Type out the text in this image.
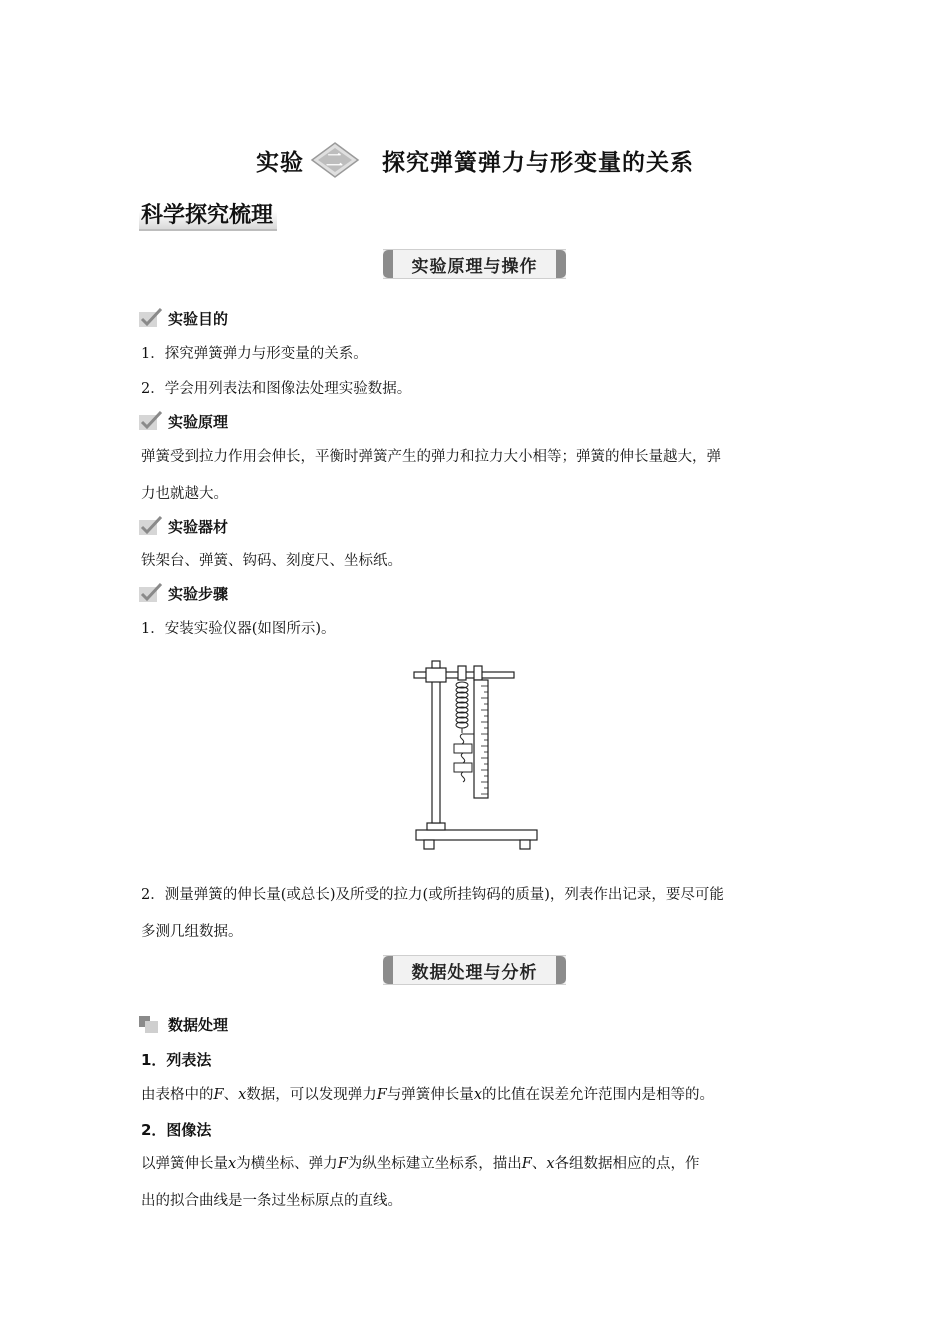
实验 二 探究弹簧弹力与形变量的关系
科学探究梳理
实验原理与操作
实验目的
1．探究弹簧弹力与形变量的关系。
2．学会用列表法和图像法处理实验数据。
实验原理
弹簧受到拉力作用会伸长，平衡时弹簧产生的弹力和拉力大小相等；弹簧的伸长量越大，弹
力也就越大。
实验器材
铁架台、弹簧、钩码、刻度尺、坐标纸。
实验步骤
1．安装实验仪器(如图所示)。
2．测量弹簧的伸长量(或总长)及所受的拉力(或所挂钩码的质量)，列表作出记录，要尽可能
多测几组数据。
数据处理与分析
数据处理
1．列表法
由表格中的F、x数据，可以发现弹力F与弹簧伸长量x的比值在误差允许范围内是相等的。
2．图像法
以弹簧伸长量x为横坐标、弹力F为纵坐标建立坐标系，描出F、x各组数据相应的点，作
出的拟合曲线是一条过坐标原点的直线。
